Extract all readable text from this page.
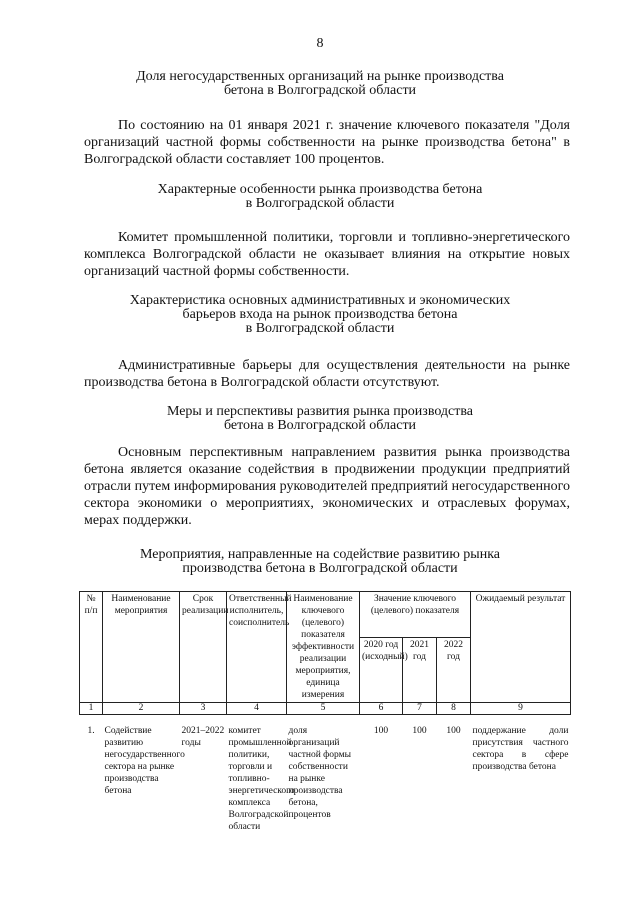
8
Доля негосударственных организаций на рынке производства
бетона в Волгоградской области
По состоянию на 01 января 2021 г. значение ключевого показателя "Доля организаций частной формы собственности на рынке производства бетона" в Волгоградской области составляет 100 процентов.
Характерные особенности рынка производства бетона
в Волгоградской области
Комитет промышленной политики, торговли и топливно-энергетического комплекса Волгоградской области не оказывает влияния на открытие новых организаций частной формы собственности.
Характеристика основных административных и экономических
барьеров входа на рынок производства бетона
в Волгоградской области
Административные барьеры для осуществления деятельности на рынке производства бетона в Волгоградской области отсутствуют.
Меры и перспективы развития рынка производства
бетона в Волгоградской области
Основным перспективным направлением развития рынка производства бетона является оказание содействия в продвижении продукции предприятий отрасли путем информирования руководителей предприятий негосударственного сектора экономики о мероприятиях, экономических и отраслевых форумах, мерах поддержки.
Мероприятия, направленные на содействие развитию рынка
производства бетона в Волгоградской области
№ п/п	Наименование мероприятия	Срок реализации	Ответственный исполнитель, соисполнитель	Наименование ключевого (целевого) показателя эффективности реализации мероприятия, единица измерения	Значение ключевого (целевого) показателя			Ожидаемый результат
					2020 год (исходный)	2021 год	2022 год	
1	2	3	4	5	6	7	8	9
1.	Содействие развитию негосударственного сектора на рынке производства бетона	2021–2022 годы	комитет промышленной политики, торговли и топливно-энергетического комплекса Волгоградской области	доля организаций частной формы собственности на рынке производства бетона, процентов	100	100	100	поддержание доли присутствия частного сектора в сфере производства бетона
